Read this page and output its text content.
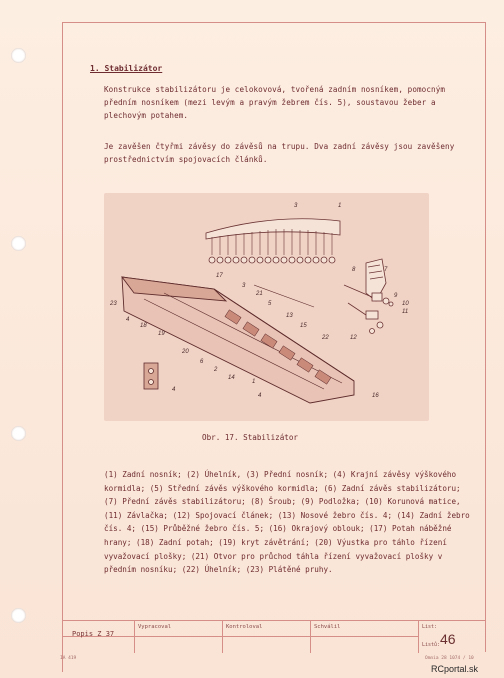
1. Stabilizátor
Konstrukce stabilizátoru je celokovová, tvořená zadním nosníkem, pomocným předním nosníkem (mezi levým a pravým žebrem čís. 5), soustavou žeber a plechovým potahem.
Je zavěšen čtyřmi závěsy do závěsů na trupu. Dva zadní závěsy jsou zavěšeny prostřednictvím spojovacích článků.
3	1
7
8
9
10
11
12
17
3
21
5
13
15
22
23
4
18
19
20
6
2
14
1
4
4	16
Obr. 17. Stabilizátor
(1) Zadní nosník; (2) Úhelník, (3) Přední nosník; (4) Krajní závěsy výškového kormidla; (5) Střední závěs výškového kormidla; (6) Zadní závěs stabilizátoru; (7) Přední závěs stabilizátoru; (8) Šroub; (9) Podložka; (10) Korunová matice, (11) Závlačka; (12) Spojovací článek; (13) Nosové žebro čís. 4; (14) Zadní žebro čís. 4; (15) Průběžné žebro čís. 5; (16) Okrajový oblouk; (17) Potah náběžné hrany; (18) Zadní potah; (19) kryt závětrání; (20) Výustka pro táhlo řízení vyvažovací plošky; (21) Otvor pro průchod táhla řízení vyvažovací plošky v předním nosníku; (22) Úhelník; (23) Plátěné pruhy.
Vypracoval	Kontroloval	Schválil
Popis Z 37
List:
Listů: 46
IA 419	Omnia 28 1074 / 10
RCportal.sk
